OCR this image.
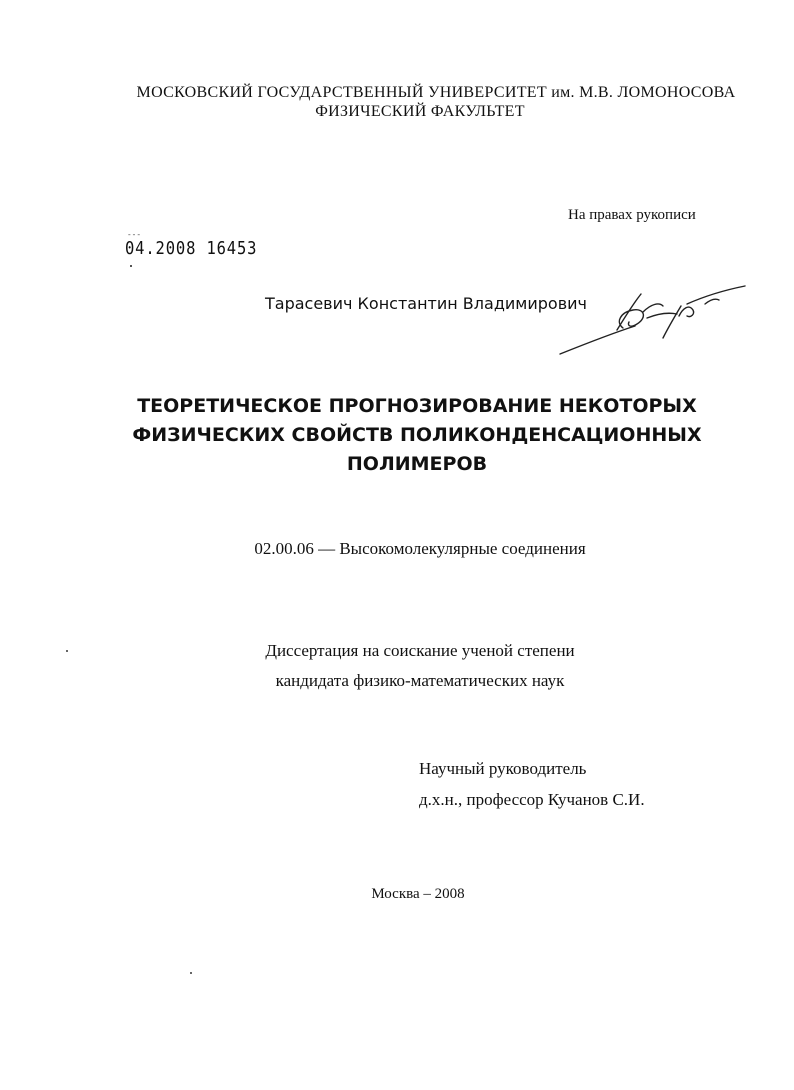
МОСКОВСКИЙ ГОСУДАРСТВЕННЫЙ УНИВЕРСИТЕТ им. М.В. ЛОМОНОСОВА
ФИЗИЧЕСКИЙ ФАКУЛЬТЕТ
На правах рукописи
- - -
04.2008 16453
Тарасевич Константин Владимирович
ТЕОРЕТИЧЕСКОЕ ПРОГНОЗИРОВАНИЕ НЕКОТОРЫХ
ФИЗИЧЕСКИХ СВОЙСТВ ПОЛИКОНДЕНСАЦИОННЫХ
ПОЛИМЕРОВ
02.00.06 — Высокомолекулярные соединения
Диссертация на соискание ученой степени
кандидата физико-математических наук
Научный руководитель
д.х.н., профессор Кучанов С.И.
Москва – 2008
